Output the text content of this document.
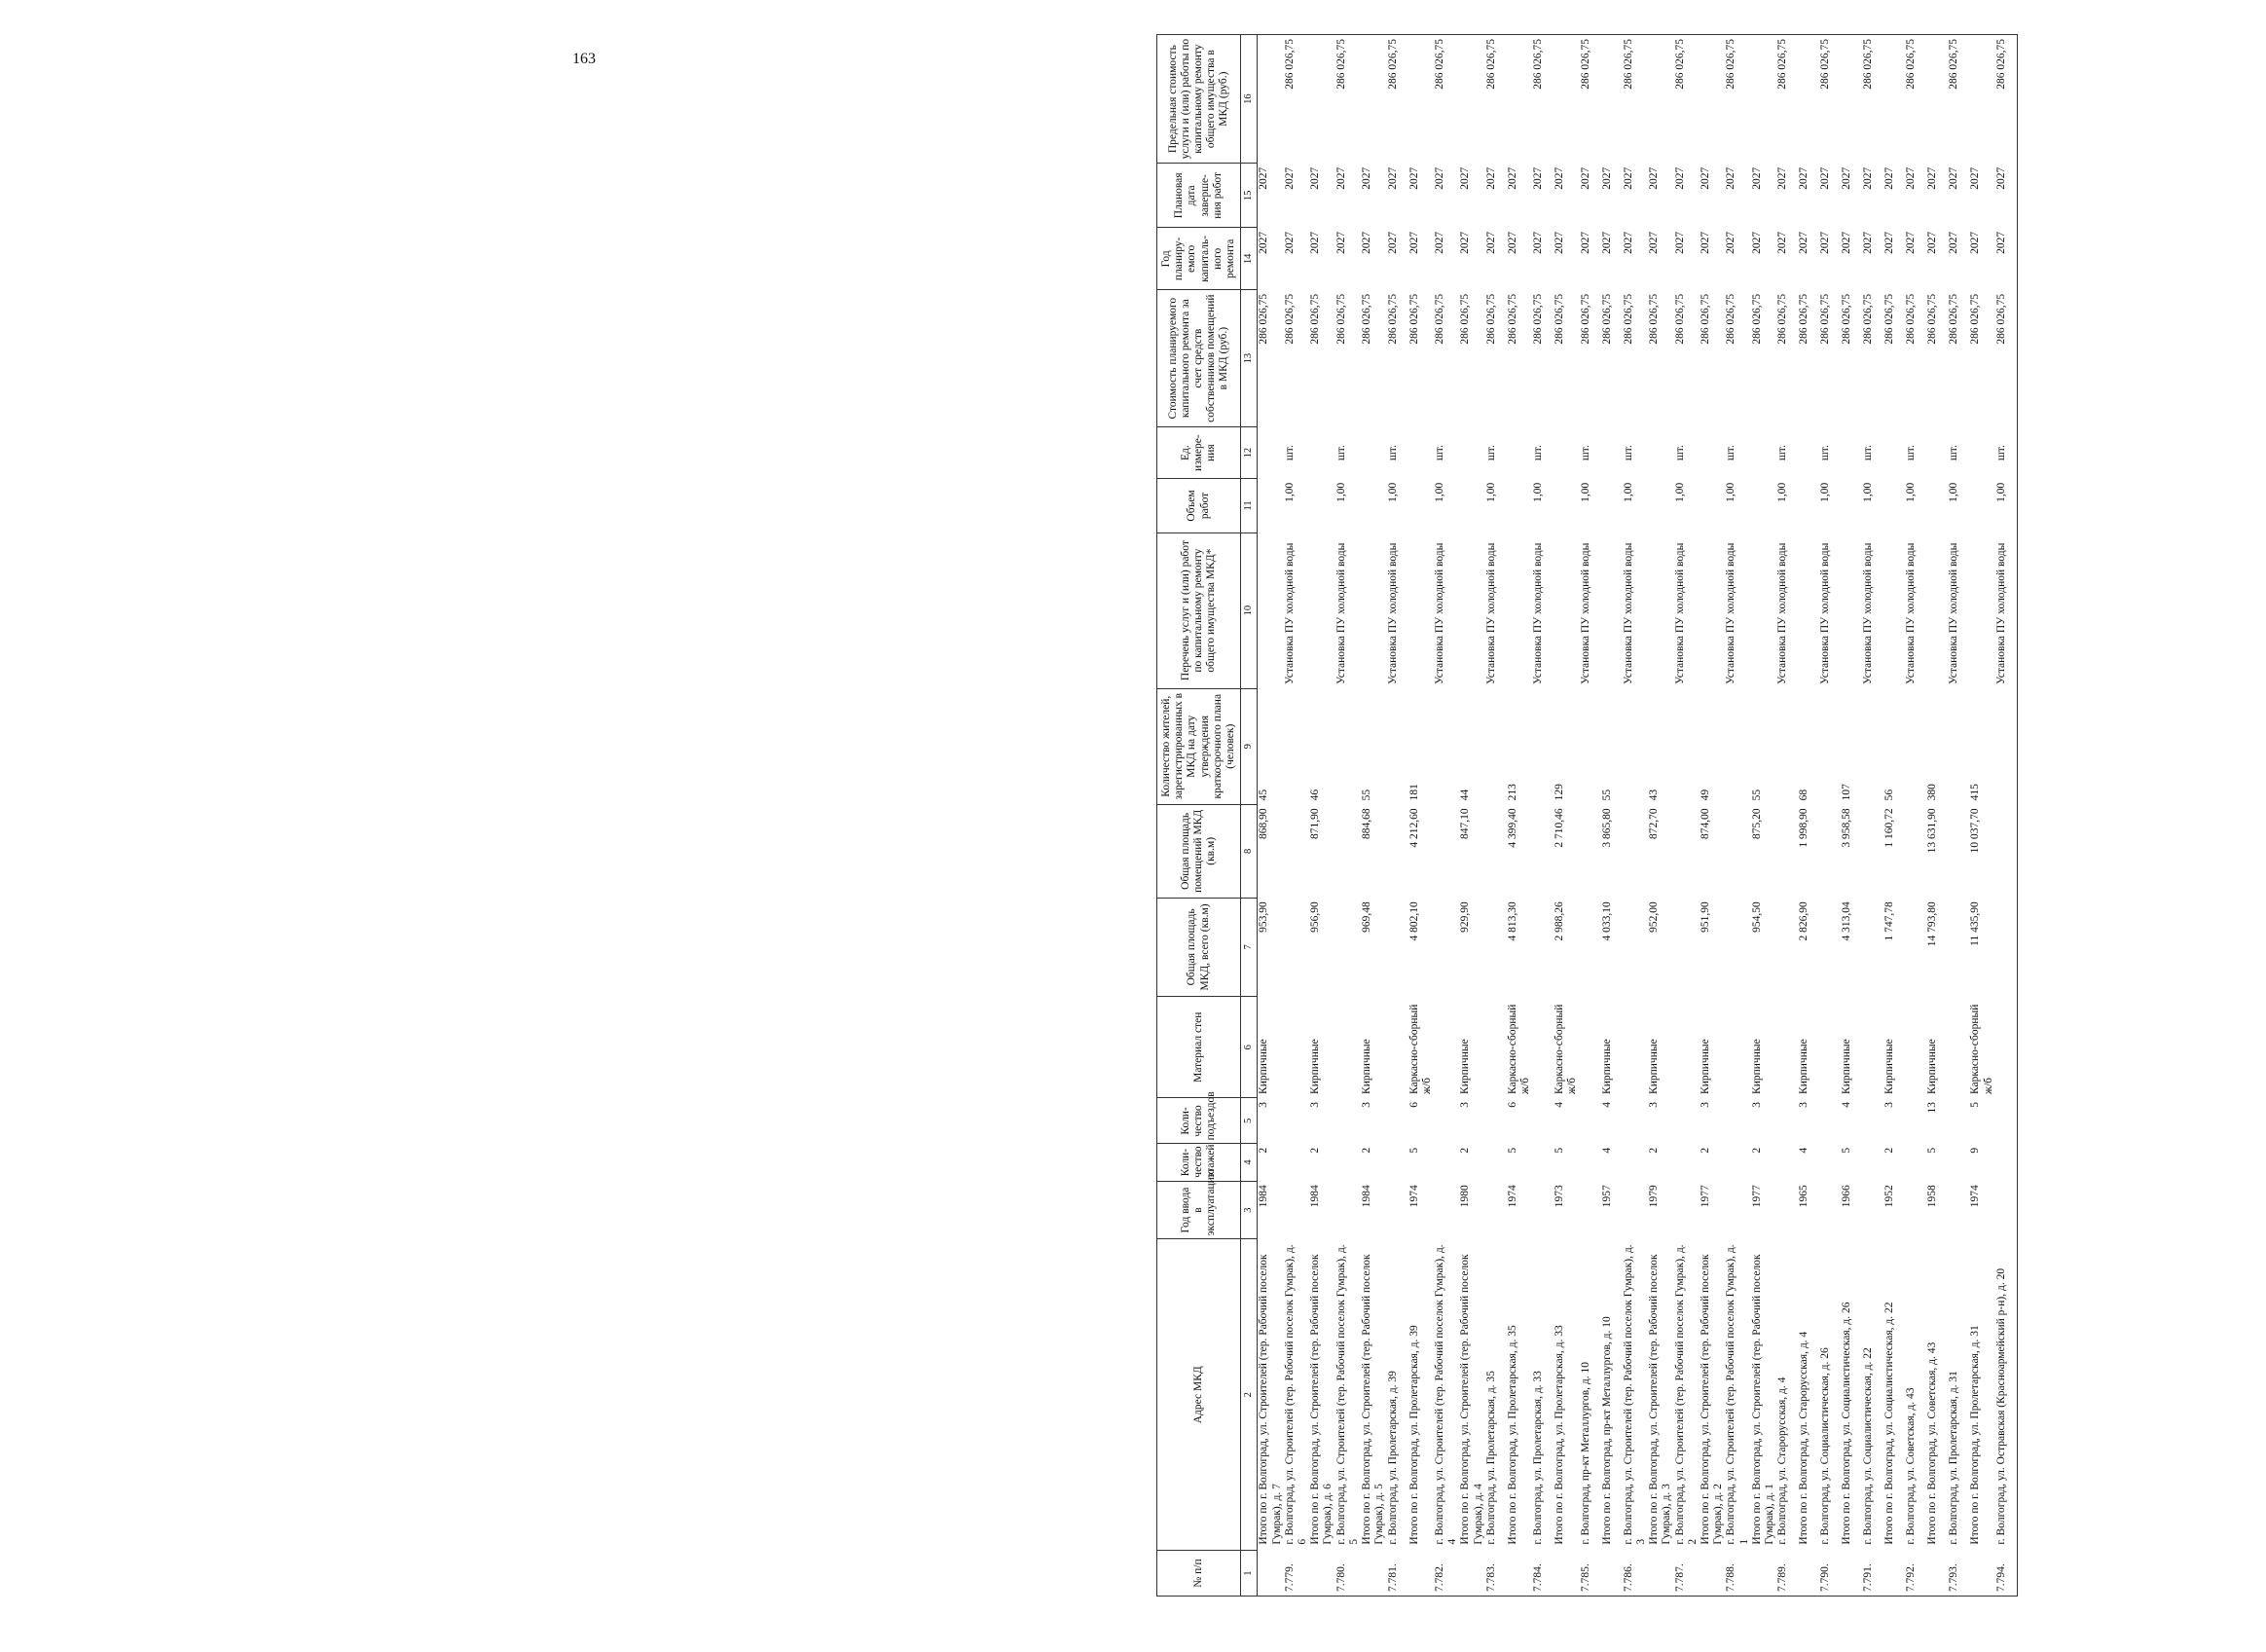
163
№ п/п	Адрес МКД	Год ввода в эксплуатацию	Коли-чество этажей	Коли-чество подъездов	Материал стен	Общая площадь МКД, всего (кв.м)	Общая площадь помещений МКД (кв.м)	Количество жителей, зарегистрированных в МКД на дату утверждения краткосрочного плана (человек)	Перечень услуг и (или) работ по капитальному ремонту общего имущества МКД*	Объем работ	Ед. измере-ния	Стоимость планируемого капитального ремонта за счет средств собственников помещений в МКД (руб.)	Год планиру-емого капиталь-ного ремонта	Плановая дата заверше-ния работ	Предельная стоимость услуги и (или) работы по капитальному ремонту общего имущества в МКД (руб.)
1	2	3	4	5	6	7	8	9	10	11	12	13	14	15	16
	Итого по г. Волгоград, ул. Строителей (тер. Рабочий поселок Гумрак), д. 7	1984	2	3	Кирпичные	953,90	868,90	45				286 026,75	2027	2027	
7.779.	г. Волгоград, ул. Строителей (тер. Рабочий поселок Гумрак), д. 6								Установка ПУ холодной воды	1,00	шт.	286 026,75	2027	2027	286 026,75
	Итого по г. Волгоград, ул. Строителей (тер. Рабочий поселок Гумрак), д. 6	1984	2	3	Кирпичные	956,90	871,90	46				286 026,75	2027	2027	
7.780.	г. Волгоград, ул. Строителей (тер. Рабочий поселок Гумрак), д. 5								Установка ПУ холодной воды	1,00	шт.	286 026,75	2027	2027	286 026,75
	Итого по г. Волгоград, ул. Строителей (тер. Рабочий поселок Гумрак), д. 5	1984	2	3	Кирпичные	969,48	884,68	55				286 026,75	2027	2027	
7.781.	г. Волгоград, ул. Пролетарская, д. 39								Установка ПУ холодной воды	1,00	шт.	286 026,75	2027	2027	286 026,75
	Итого по г. Волгоград, ул. Пролетарская, д. 39	1974	5	6	Каркасно-сборный ж/б	4 802,10	4 212,60	181				286 026,75	2027	2027	
7.782.	г. Волгоград, ул. Строителей (тер. Рабочий поселок Гумрак), д. 4								Установка ПУ холодной воды	1,00	шт.	286 026,75	2027	2027	286 026,75
	Итого по г. Волгоград, ул. Строителей (тер. Рабочий поселок Гумрак), д. 4	1980	2	3	Кирпичные	929,90	847,10	44				286 026,75	2027	2027	
7.783.	г. Волгоград, ул. Пролетарская, д. 35								Установка ПУ холодной воды	1,00	шт.	286 026,75	2027	2027	286 026,75
	Итого по г. Волгоград, ул. Пролетарская, д. 35	1974	5	6	Каркасно-сборный ж/б	4 813,30	4 399,40	213				286 026,75	2027	2027	
7.784.	г. Волгоград, ул. Пролетарская, д. 33								Установка ПУ холодной воды	1,00	шт.	286 026,75	2027	2027	286 026,75
	Итого по г. Волгоград, ул. Пролетарская, д. 33	1973	5	4	Каркасно-сборный ж/б	2 988,26	2 710,46	129				286 026,75	2027	2027	
7.785.	г. Волгоград, пр-кт Металлургов, д. 10								Установка ПУ холодной воды	1,00	шт.	286 026,75	2027	2027	286 026,75
	Итого по г. Волгоград, пр-кт Металлургов, д. 10	1957	4	4	Кирпичные	4 033,10	3 865,80	55				286 026,75	2027	2027	
7.786.	г. Волгоград, ул. Строителей (тер. Рабочий поселок Гумрак), д. 3								Установка ПУ холодной воды	1,00	шт.	286 026,75	2027	2027	286 026,75
	Итого по г. Волгоград, ул. Строителей (тер. Рабочий поселок Гумрак), д. 3	1979	2	3	Кирпичные	952,00	872,70	43				286 026,75	2027	2027	
7.787.	г. Волгоград, ул. Строителей (тер. Рабочий поселок Гумрак), д. 2								Установка ПУ холодной воды	1,00	шт.	286 026,75	2027	2027	286 026,75
	Итого по г. Волгоград, ул. Строителей (тер. Рабочий поселок Гумрак), д. 2	1977	2	3	Кирпичные	951,90	874,00	49				286 026,75	2027	2027	
7.788.	г. Волгоград, ул. Строителей (тер. Рабочий поселок Гумрак), д. 1								Установка ПУ холодной воды	1,00	шт.	286 026,75	2027	2027	286 026,75
	Итого по г. Волгоград, ул. Строителей (тер. Рабочий поселок Гумрак), д. 1	1977	2	3	Кирпичные	954,50	875,20	55				286 026,75	2027	2027	
7.789.	г. Волгоград, ул. Старорусская, д. 4								Установка ПУ холодной воды	1,00	шт.	286 026,75	2027	2027	286 026,75
	Итого по г. Волгоград, ул. Старорусская, д. 4	1965	4	3	Кирпичные	2 826,90	1 998,90	68				286 026,75	2027	2027	
7.790.	г. Волгоград, ул. Социалистическая, д. 26								Установка ПУ холодной воды	1,00	шт.	286 026,75	2027	2027	286 026,75
	Итого по г. Волгоград, ул. Социалистическая, д. 26	1966	5	4	Кирпичные	4 313,04	3 958,58	107				286 026,75	2027	2027	
7.791.	г. Волгоград, ул. Социалистическая, д. 22								Установка ПУ холодной воды	1,00	шт.	286 026,75	2027	2027	286 026,75
	Итого по г. Волгоград, ул. Социалистическая, д. 22	1952	2	3	Кирпичные	1 747,78	1 160,72	56				286 026,75	2027	2027	
7.792.	г. Волгоград, ул. Советская, д. 43								Установка ПУ холодной воды	1,00	шт.	286 026,75	2027	2027	286 026,75
	Итого по г. Волгоград, ул. Советская, д. 43	1958	5	13	Кирпичные	14 793,80	13 631,90	380				286 026,75	2027	2027	
7.793.	г. Волгоград, ул. Пролетарская, д. 31								Установка ПУ холодной воды	1,00	шт.	286 026,75	2027	2027	286 026,75
	Итого по г. Волгоград, ул. Пролетарская, д. 31	1974	9	5	Каркасно-сборный ж/б	11 435,90	10 037,70	415				286 026,75	2027	2027	
7.794.	г. Волгоград, ул. Остравская (Красноармейский р-н), д. 20								Установка ПУ холодной воды	1,00	шт.	286 026,75	2027	2027	286 026,75
